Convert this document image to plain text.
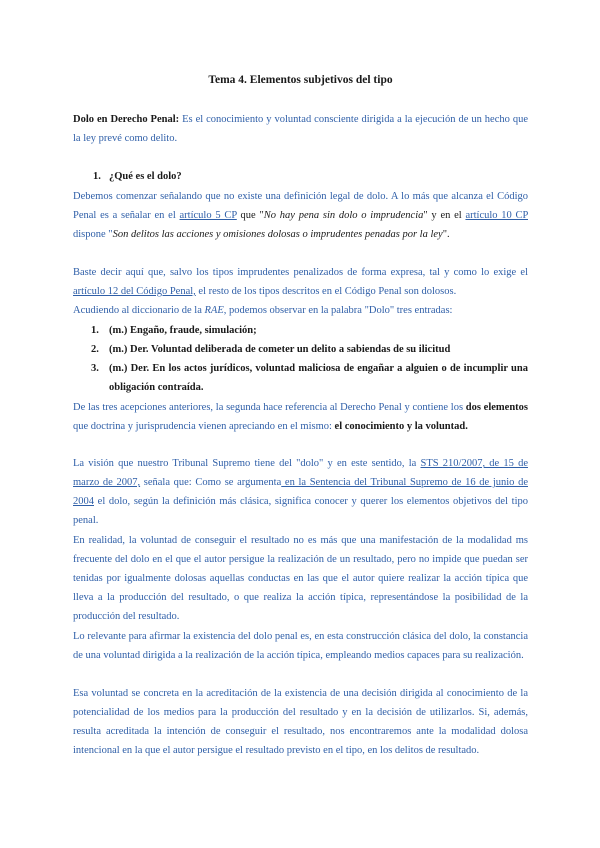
Tema 4. Elementos subjetivos del tipo
Dolo en Derecho Penal: Es el conocimiento y voluntad consciente dirigida a la ejecución de un hecho que la ley prevé como delito.
1. ¿Qué es el dolo?
Debemos comenzar señalando que no existe una definición legal de dolo. A lo más que alcanza el Código Penal es a señalar en el artículo 5 CP que "No hay pena sin dolo o imprudencia" y en el artículo 10 CP dispone "Son delitos las acciones y omisiones dolosas o imprudentes penadas por la ley".
Baste decir aquí que, salvo los tipos imprudentes penalizados de forma expresa, tal y como lo exige el artículo 12 del Código Penal, el resto de los tipos descritos en el Código Penal son dolosos.
Acudiendo al diccionario de la RAE, podemos observar en la palabra "Dolo" tres entradas:
1. (m.) Engaño, fraude, simulación;
2. (m.) Der. Voluntad deliberada de cometer un delito a sabiendas de su ilicitud
3. (m.) Der. En los actos jurídicos, voluntad maliciosa de engañar a alguien o de incumplir una obligación contraída.
De las tres acepciones anteriores, la segunda hace referencia al Derecho Penal y contiene los dos elementos que doctrina y jurisprudencia vienen apreciando en el mismo: el conocimiento y la voluntad.
La visión que nuestro Tribunal Supremo tiene del "dolo" y en este sentido, la STS 210/2007, de 15 de marzo de 2007, señala que: Como se argumenta en la Sentencia del Tribunal Supremo de 16 de junio de 2004 el dolo, según la definición más clásica, significa conocer y querer los elementos objetivos del tipo penal.
En realidad, la voluntad de conseguir el resultado no es más que una manifestación de la modalidad ms frecuente del dolo en el que el autor persigue la realización de un resultado, pero no impide que puedan ser tenidas por igualmente dolosas aquellas conductas en las que el autor quiere realizar la acción típica que lleva a la producción del resultado, o que realiza la acción típica, representándose la posibilidad de la producción del resultado.
Lo relevante para afirmar la existencia del dolo penal es, en esta construcción clásica del dolo, la constancia de una voluntad dirigida a la realización de la acción típica, empleando medios capaces para su realización.
Esa voluntad se concreta en la acreditación de la existencia de una decisión dirigida al conocimiento de la potencialidad de los medios para la producción del resultado y en la decisión de utilizarlos. Si, además, resulta acreditada la intención de conseguir el resultado, nos encontraremos ante la modalidad dolosa intencional en la que el autor persigue el resultado previsto en el tipo, en los delitos de resultado.
